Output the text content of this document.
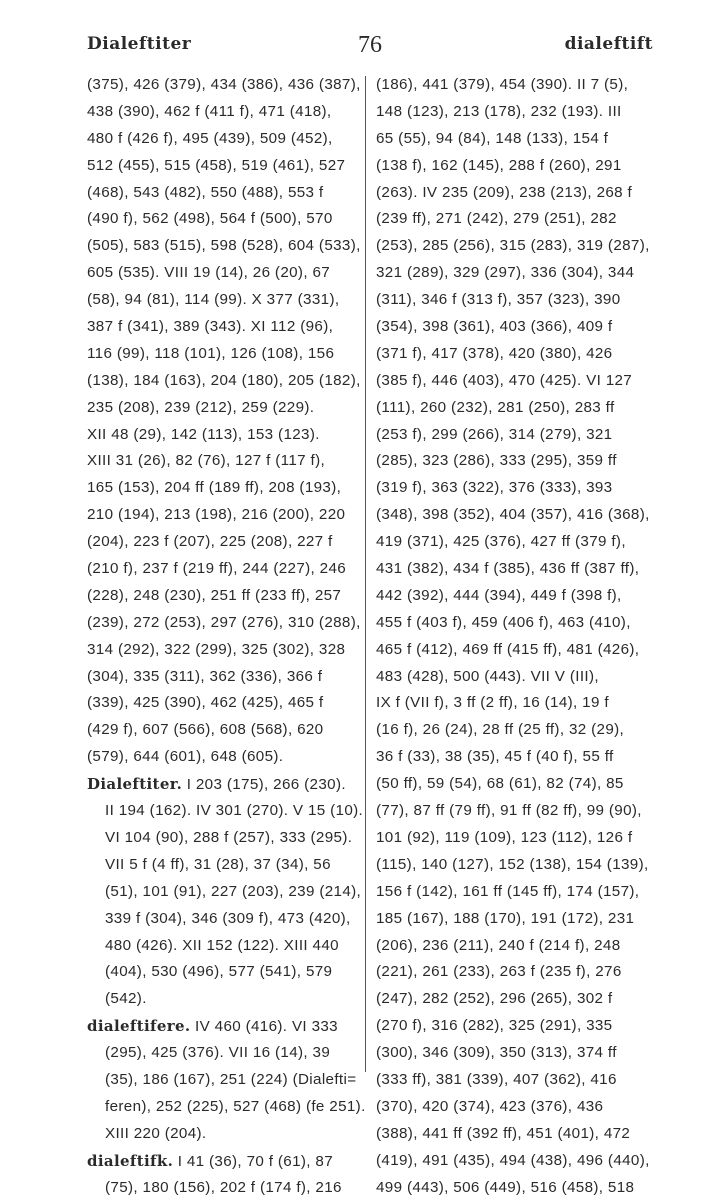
Dialeftiter	76	dialeftift
(375), 426 (379), 434 (386), 436 (387),
438 (390), 462 f (411 f), 471 (418),
480 f (426 f), 495 (439), 509 (452),
512 (455), 515 (458), 519 (461), 527
(468), 543 (482), 550 (488), 553 f
(490 f), 562 (498), 564 f (500), 570
(505), 583 (515), 598 (528), 604 (533),
605 (535). VIII 19 (14), 26 (20), 67
(58), 94 (81), 114 (99). X 377 (331),
387 f (341), 389 (343). XI 112 (96),
116 (99), 118 (101), 126 (108), 156
(138), 184 (163), 204 (180), 205 (182),
235 (208), 239 (212), 259 (229).
XII 48 (29), 142 (113), 153 (123).
XIII 31 (26), 82 (76), 127 f (117 f),
165 (153), 204 ff (189 ff), 208 (193),
210 (194), 213 (198), 216 (200), 220
(204), 223 f (207), 225 (208), 227 f
(210 f), 237 f (219 ff), 244 (227), 246
(228), 248 (230), 251 ff (233 ff), 257
(239), 272 (253), 297 (276), 310 (288),
314 (292), 322 (299), 325 (302), 328
(304), 335 (311), 362 (336), 366 f
(339), 425 (390), 462 (425), 465 f
(429 f), 607 (566), 608 (568), 620
(579), 644 (601), 648 (605).
Dialeftiter. I 203 (175), 266 (230).
II 194 (162). IV 301 (270). V 15 (10).
VI 104 (90), 288 f (257), 333 (295).
VII 5 f (4 ff), 31 (28), 37 (34), 56
(51), 101 (91), 227 (203), 239 (214),
339 f (304), 346 (309 f), 473 (420),
480 (426). XII 152 (122). XIII 440
(404), 530 (496), 577 (541), 579
(542).
dialeftifere. IV 460 (416). VI 333
(295), 425 (376). VII 16 (14), 39
(35), 186 (167), 251 (224) (Dialefti=
feren), 252 (225), 527 (468) (fe 251).
XIII 220 (204).
dialeftifk. I 41 (36), 70 f (61), 87
(75), 180 (156), 202 f (174 f), 216
(186), 441 (379), 454 (390). II 7 (5),
148 (123), 213 (178), 232 (193). III
65 (55), 94 (84), 148 (133), 154 f
(138 f), 162 (145), 288 f (260), 291
(263). IV 235 (209), 238 (213), 268 f
(239 ff), 271 (242), 279 (251), 282
(253), 285 (256), 315 (283), 319 (287),
321 (289), 329 (297), 336 (304), 344
(311), 346 f (313 f), 357 (323), 390
(354), 398 (361), 403 (366), 409 f
(371 f), 417 (378), 420 (380), 426
(385 f), 446 (403), 470 (425). VI 127
(111), 260 (232), 281 (250), 283 ff
(253 f), 299 (266), 314 (279), 321
(285), 323 (286), 333 (295), 359 ff
(319 f), 363 (322), 376 (333), 393
(348), 398 (352), 404 (357), 416 (368),
419 (371), 425 (376), 427 ff (379 f),
431 (382), 434 f (385), 436 ff (387 ff),
442 (392), 444 (394), 449 f (398 f),
455 f (403 f), 459 (406 f), 463 (410),
465 f (412), 469 ff (415 ff), 481 (426),
483 (428), 500 (443). VII V (III),
IX f (VII f), 3 ff (2 ff), 16 (14), 19 f
(16 f), 26 (24), 28 ff (25 ff), 32 (29),
36 f (33), 38 (35), 45 f (40 f), 55 ff
(50 ff), 59 (54), 68 (61), 82 (74), 85
(77), 87 ff (79 ff), 91 ff (82 ff), 99 (90),
101 (92), 119 (109), 123 (112), 126 f
(115), 140 (127), 152 (138), 154 (139),
156 f (142), 161 ff (145 ff), 174 (157),
185 (167), 188 (170), 191 (172), 231
(206), 236 (211), 240 f (214 f), 248
(221), 261 (233), 263 f (235 f), 276
(247), 282 (252), 296 (265), 302 f
(270 f), 316 (282), 325 (291), 335
(300), 346 (309), 350 (313), 374 ff
(333 ff), 381 (339), 407 (362), 416
(370), 420 (374), 423 (376), 436
(388), 441 ff (392 ff), 451 (401), 472
(419), 491 (435), 494 (438), 496 (440),
499 (443), 506 (449), 516 (458), 518
